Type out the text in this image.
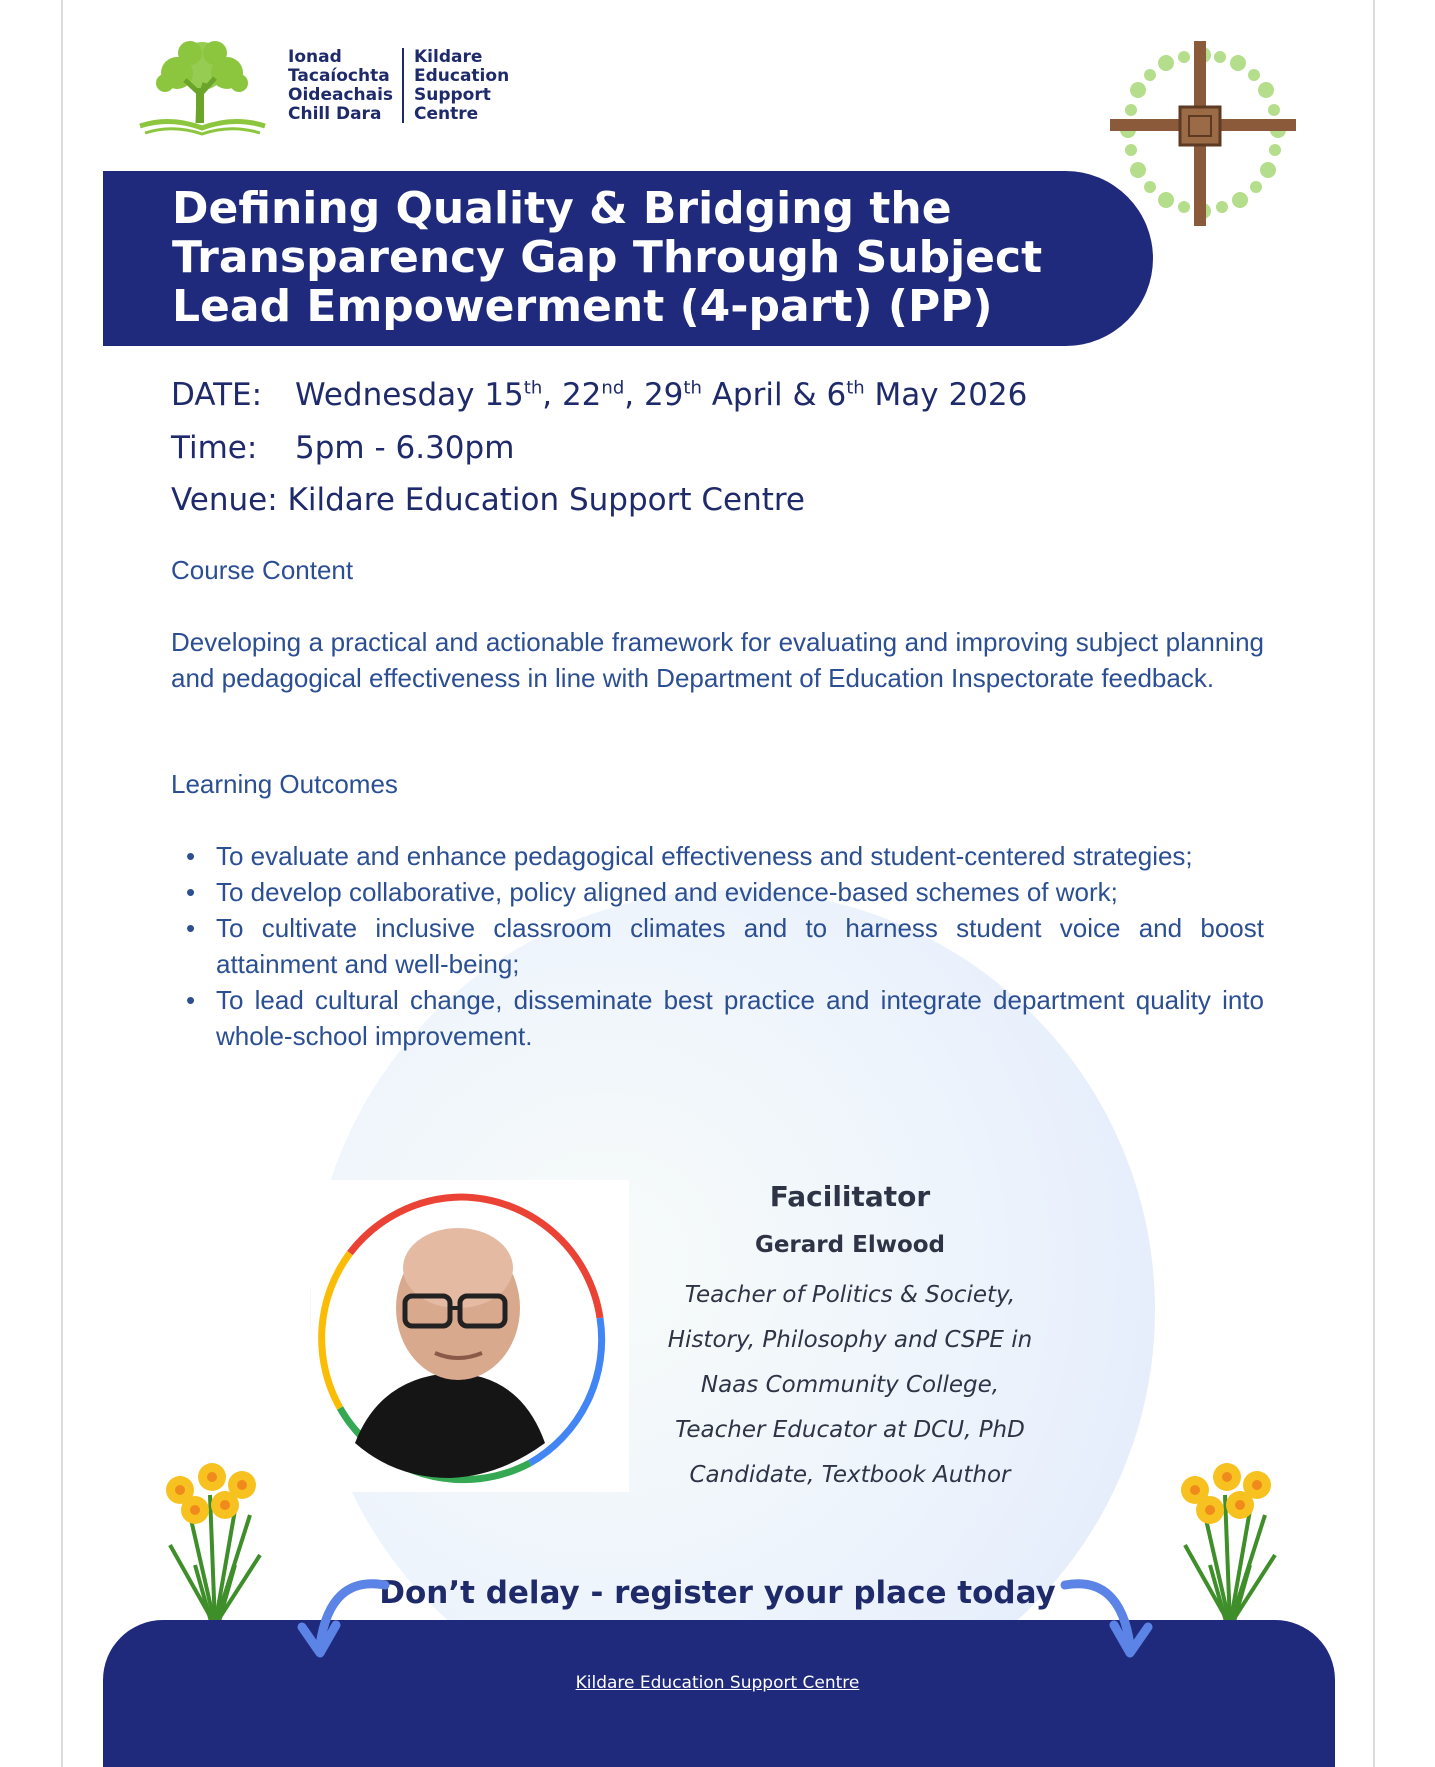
Ionad
Tacaíochta
Oideachais
Chill Dara
Kildare
Education
Support
Centre
Defining Quality & Bridging the Transparency Gap Through Subject Lead Empowerment (4-part) (PP)
DATE: Wednesday 15th, 22nd, 29th April & 6th May 2026
Time: 5pm - 6.30pm
Venue: Kildare Education Support Centre
Course Content

Developing a practical and actionable framework for evaluating and improving subject planning and pedagogical effectiveness in line with Department of Education Inspectorate feedback.

Learning Outcomes
• To evaluate and enhance pedagogical effectiveness and student-centered strategies;
• To develop collaborative, policy aligned and evidence-based schemes of work;
• To cultivate inclusive classroom climates and to harness student voice and boost attainment and well-being;
• To lead cultural change, disseminate best practice and integrate department quality into whole-school improvement.
Facilitator
Gerard Elwood
Teacher of Politics & Society,
History, Philosophy and CSPE in
Naas Community College,
Teacher Educator at DCU, PhD
Candidate, Textbook Author
Don’t delay - register your place today
Kildare Education Support Centre
